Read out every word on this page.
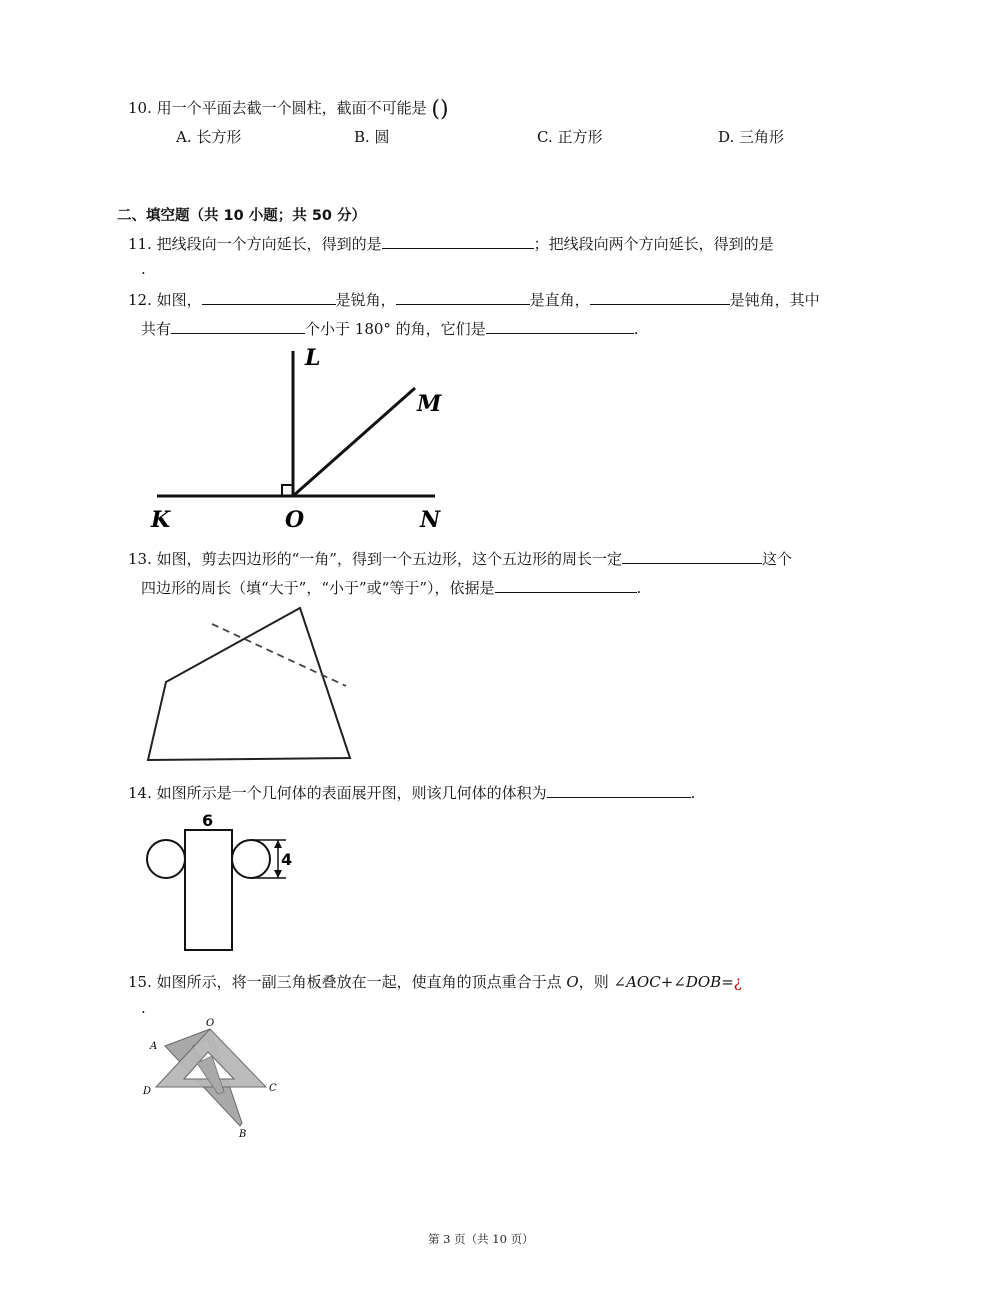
10. 用一个平面去截一个圆柱，截面不可能是 ()
A. 长方形	B. 圆	C. 正方形	D. 三角形
二、填空题（共 10 小题；共 50 分）
11. 把线段向一个方向延长，得到的是	；把线段向两个方向延长，得到的是
.
12. 如图，	是锐角，	是直角，	是钝角，其中
共有	个小于 180° 的角，它们是	.
L
M
K	O	N
13. 如图，剪去四边形的“一角”，得到一个五边形，这个五边形的周长一定	这个
四边形的周长（填“大于”，“小于”或“等于”），依据是	.
14. 如图所示是一个几何体的表面展开图，则该几何体的体积为	.
6
4
15. 如图所示，将一副三角板叠放在一起，使直角的顶点重合于点 O，则 ∠AOC+∠DOB=¿
.
O
A
D	C
B
第 3 页（共 10 页）
